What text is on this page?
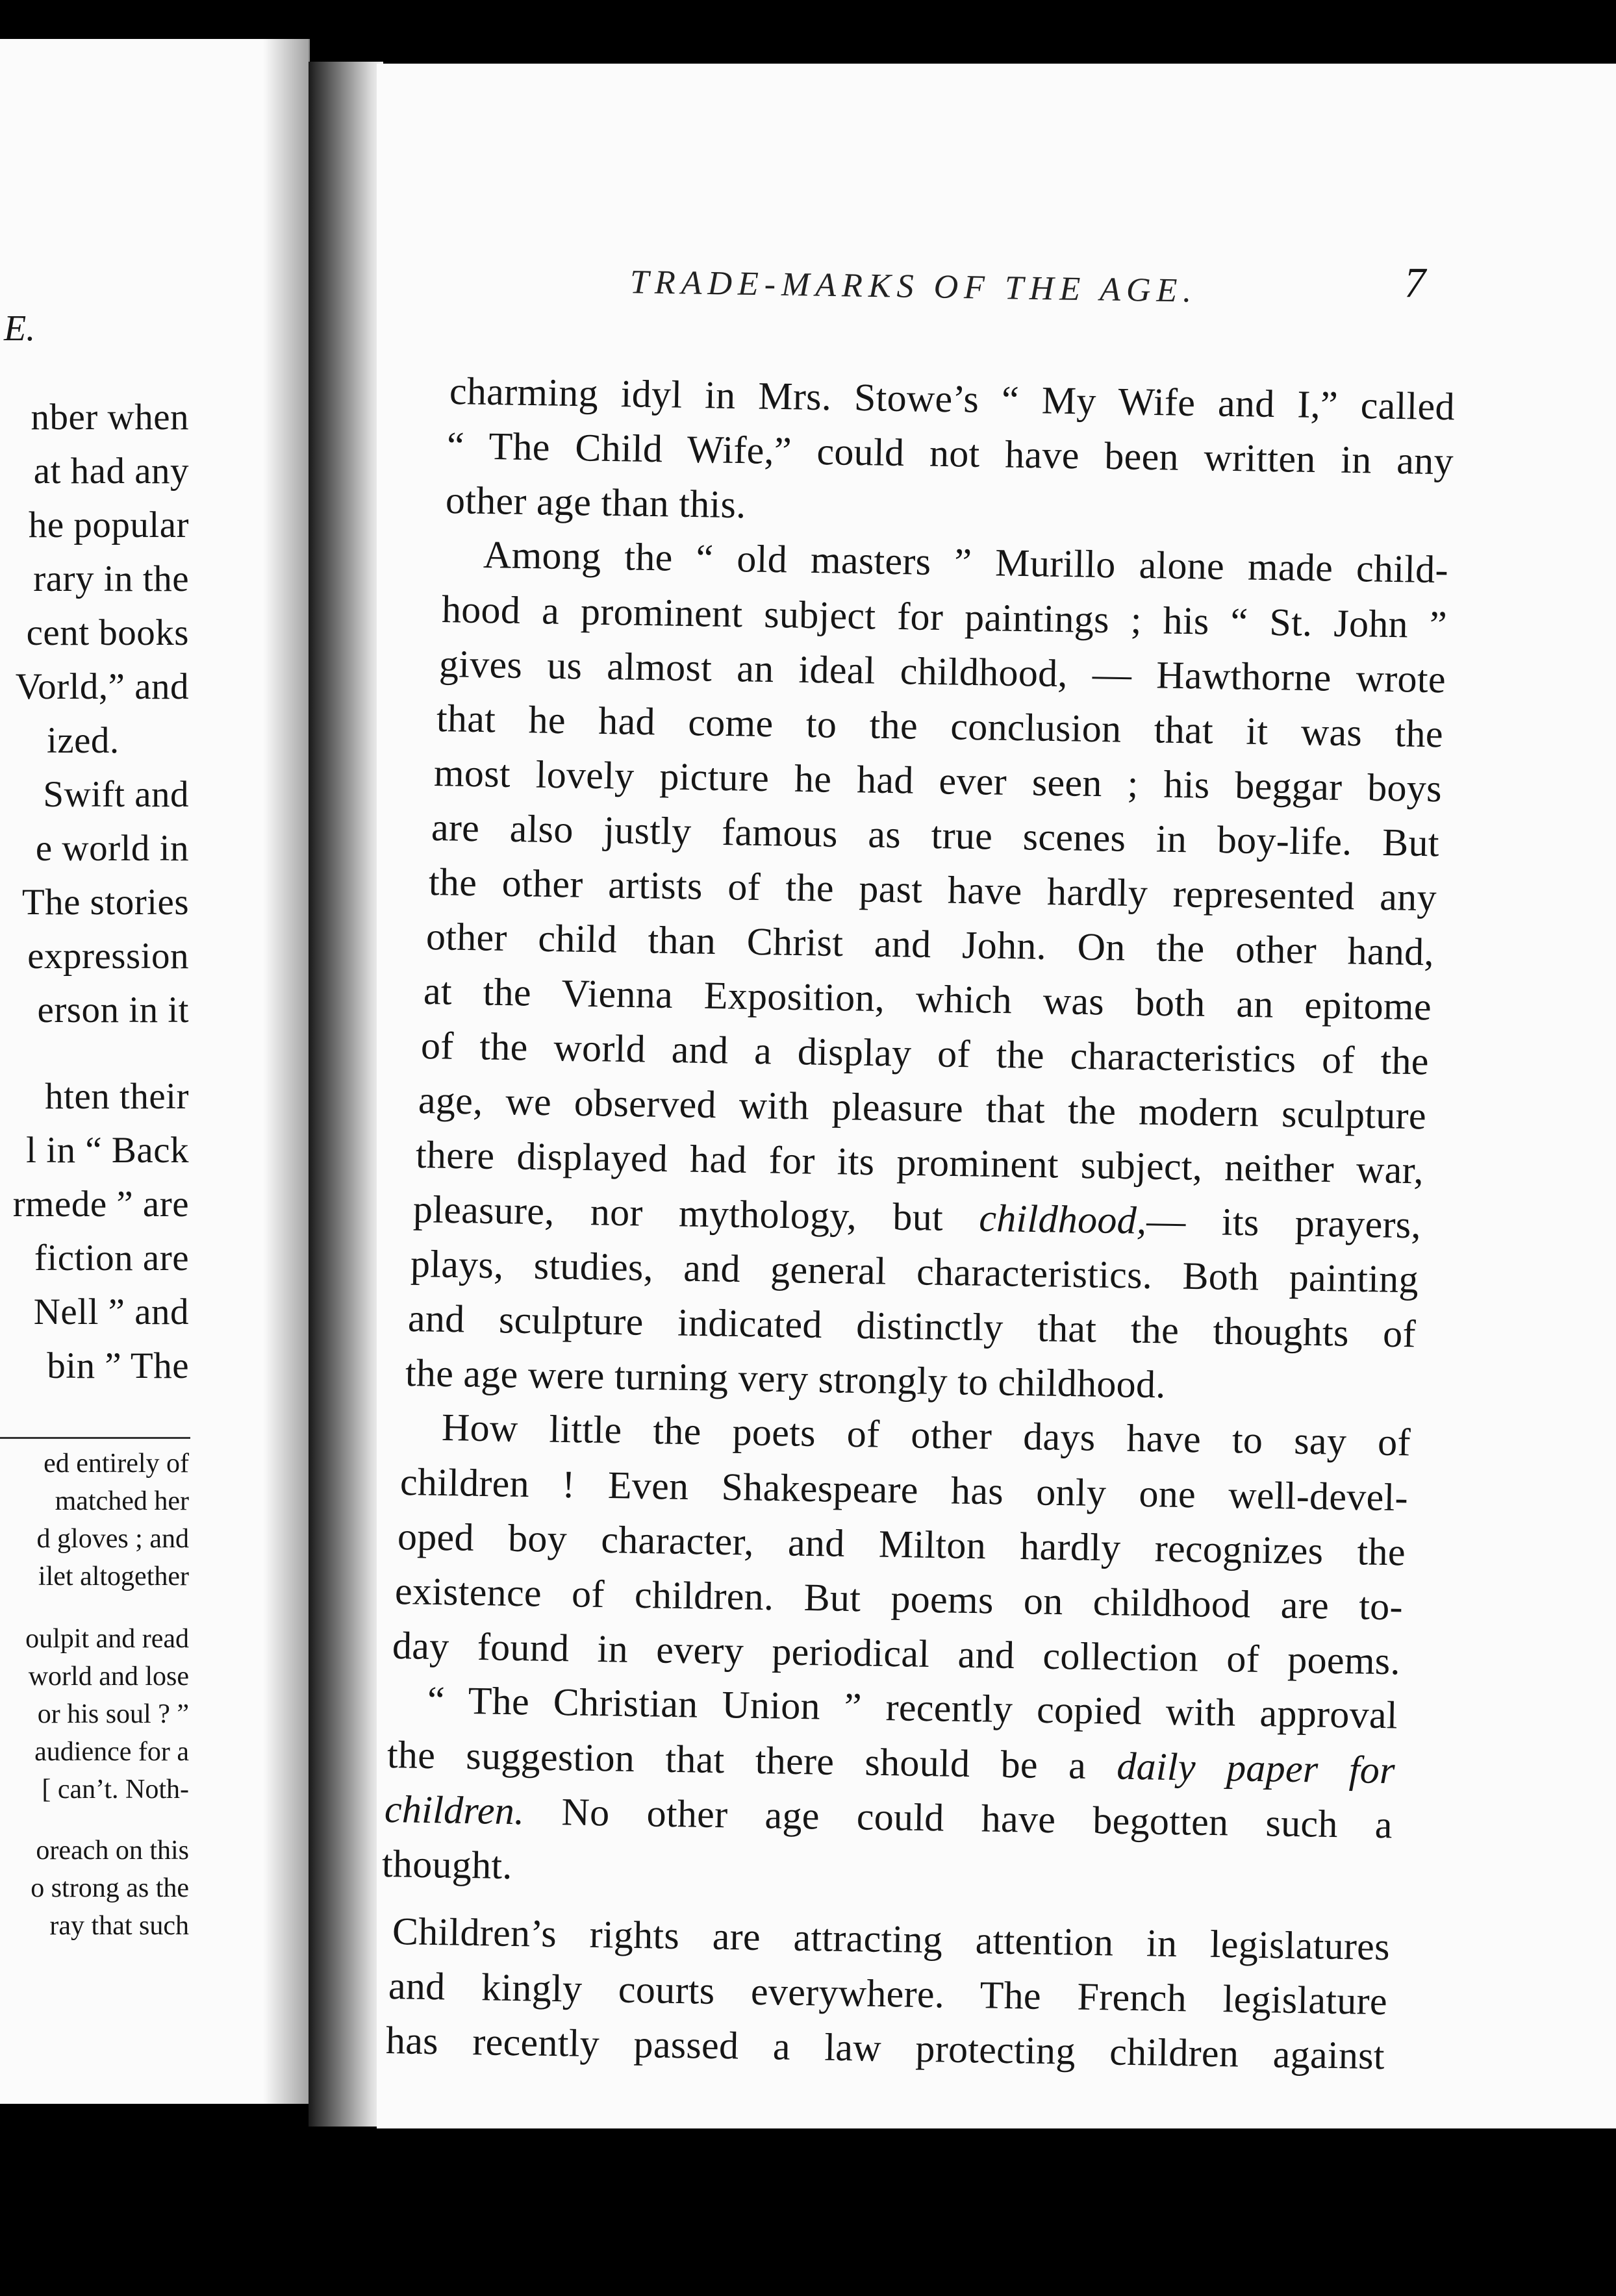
E.
nber when
at had any
he popular
rary in the
cent books
Vorld,” and
ized.
Swift and
e world in
The stories
expression
erson in it
hten their
l in “ Back
rmede ” are
fiction are
Nell ” and
bin ” The
ed entirely of
matched her
d gloves ; and
ilet altogether
oulpit and read
world and lose
or his soul ? ”
audience for a
[ can’t. Noth-
oreach on this
o strong as the
ray that such
TRADE-MARKS OF THE AGE.	7
charming idyl in Mrs. Stowe’s “ My Wife and I,” called
“ The Child Wife,” could not have been written in any
other age than this.
Among the “ old masters ” Murillo alone made child-
hood a prominent subject for paintings ; his “ St. John ”
gives us almost an ideal childhood, — Hawthorne wrote
that he had come to the conclusion that it was the
most lovely picture he had ever seen ; his beggar boys
are also justly famous as true scenes in boy-life. But
the other artists of the past have hardly represented any
other child than Christ and John. On the other hand,
at the Vienna Exposition, which was both an epitome
of the world and a display of the characteristics of the
age, we observed with pleasure that the modern sculpture
there displayed had for its prominent subject, neither war,
pleasure, nor mythology, but childhood,— its prayers,
plays, studies, and general characteristics. Both painting
and sculpture indicated distinctly that the thoughts of
the age were turning very strongly to childhood.
How little the poets of other days have to say of
children ! Even Shakespeare has only one well-devel-
oped boy character, and Milton hardly recognizes the
existence of children. But poems on childhood are to-
day found in every periodical and collection of poems.
“ The Christian Union ” recently copied with approval
the suggestion that there should be a daily paper for
children. No other age could have begotten such a
thought.
Children’s rights are attracting attention in legislatures
and kingly courts everywhere. The French legislature
has recently passed a law protecting children against
